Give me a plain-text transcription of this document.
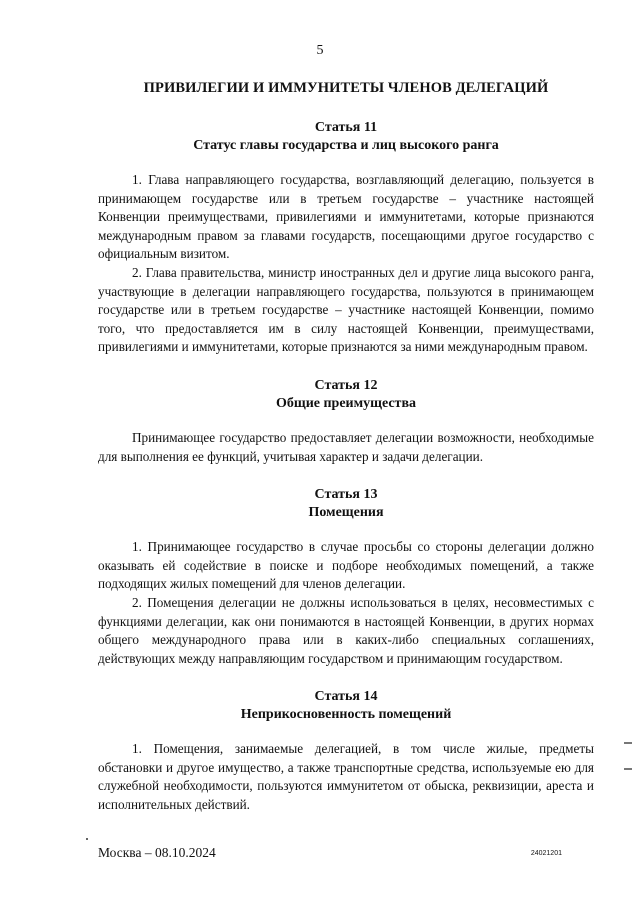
5
ПРИВИЛЕГИИ И ИММУНИТЕТЫ ЧЛЕНОВ ДЕЛЕГАЦИЙ
Статья 11
Статус главы государства и лиц высокого ранга

1. Глава направляющего государства, возглавляющий делегацию, пользуется в принимающем государстве или в третьем государстве – участнике настоящей Конвенции преимуществами, привилегиями и иммунитетами, которые признаются международным правом за главами государств, посещающими другое государство с официальным визитом.

2. Глава правительства, министр иностранных дел и другие лица высокого ранга, участвующие в делегации направляющего государства, пользуются в принимающем государстве или в третьем государстве – участнике настоящей Конвенции, помимо того, что предоставляется им в силу настоящей Конвенции, преимуществами, привилегиями и иммунитетами, которые признаются за ними международным правом.

Статья 12
Общие преимущества

Принимающее государство предоставляет делегации возможности, необходимые для выполнения ее функций, учитывая характер и задачи делегации.

Статья 13
Помещения

1. Принимающее государство в случае просьбы со стороны делегации должно оказывать ей содействие в поиске и подборе необходимых помещений, а также подходящих жилых помещений для членов делегации.

2. Помещения делегации не должны использоваться в целях, несовместимых с функциями делегации, как они понимаются в настоящей Конвенции, в других нормах общего международного права или в каких-либо специальных соглашениях, действующих между направляющим государством и принимающим государством.

Статья 14
Неприкосновенность помещений

1. Помещения, занимаемые делегацией, в том числе жилые, предметы обстановки и другое имущество, а также транспортные средства, используемые ею для служебной необходимости, пользуются иммунитетом от обыска, реквизиции, ареста и исполнительных действий.

Москва – 08.10.2024	24021201
